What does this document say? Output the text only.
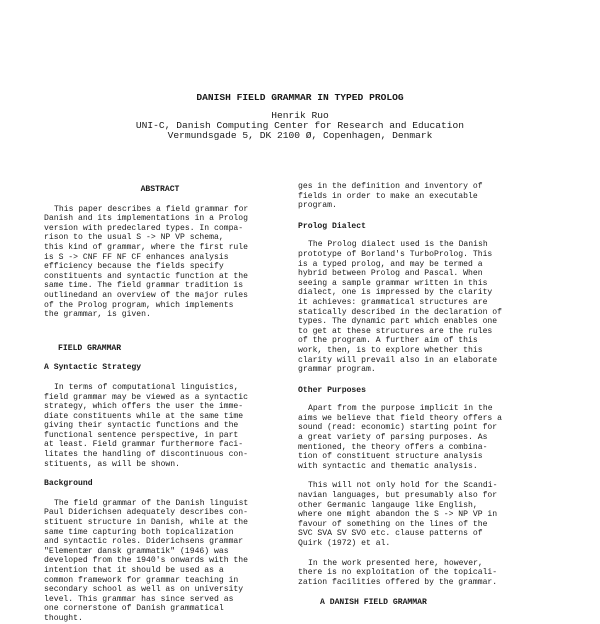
DANISH FIELD GRAMMAR IN TYPED PROLOG
Henrik Ruo
UNI-C, Danish Computing Center for Research and Education
Vermundsgade 5, DK 2100 Ø, Copenhagen, Denmark
ABSTRACT
This paper describes a field grammar for
Danish and its implementations in a Prolog
version with predeclared types. In compa-
rison to the usual S -> NP VP schema,
this kind of grammar, where the first rule
is S -> CNF FF NF CF enhances analysis
efficiency because the fields specify
constituents and syntactic function at the
same time. The field grammar tradition is
outlinedand an overview of the major rules
of the Prolog program, which implements
the grammar, is given.
FIELD GRAMMAR
A Syntactic Strategy
In terms of computational linguistics,
field grammar may be viewed as a syntactic
strategy, which offers the user the imme-
diate constituents while at the same time
giving their syntactic functions and the
functional sentence perspective, in part
at least. Field grammar furthermore faci-
litates the handling of discontinuous con-
stituents, as will be shown.
Background
The field grammar of the Danish linguist
Paul Diderichsen adequately describes con-
stituent structure in Danish, while at the
same time capturing both topicalization
and syntactic roles. Diderichsens grammar
"Elementær dansk grammatik" (1946) was
developed from the 1940's onwards with the
intention that it should be used as a
common framework for grammar teaching in
secondary school as well as on university
level. This grammar has since served as
one cornerstone of Danish grammatical
thought.
ges in the definition and inventory of
fields in order to make an executable
program.
Prolog Dialect
The Prolog dialect used is the Danish
prototype of Borland's TurboProlog. This
is a typed prolog, and may be termed a
hybrid between Prolog and Pascal. When
seeing a sample grammar written in this
dialect, one is impressed by the clarity
it achieves: grammatical structures are
statically described in the declaration of
types. The dynamic part which enables one
to get at these structures are the rules
of the program. A further aim of this
work, then, is to explore whether this
clarity will prevail also in an elaborate
grammar program.
Other Purposes
Apart from the purpose implicit in the
aims we believe that field theory offers a
sound (read: economic) starting point for
a great variety of parsing purposes. As
mentioned, the theory offers a combina-
tion of constituent structure analysis
with syntactic and thematic analysis.
This will not only hold for the Scandi-
navian languages, but presumably also for
other Germanic langauge like English,
where one might abandon the S -> NP VP in
favour of something on the lines of the
SVC SVA SV SVO etc. clause patterns of
Quirk (1972) et al.
In the work presented here, however,
there is no exploitation of the topicali-
zation facilities offered by the grammar.
A DANISH FIELD GRAMMAR
